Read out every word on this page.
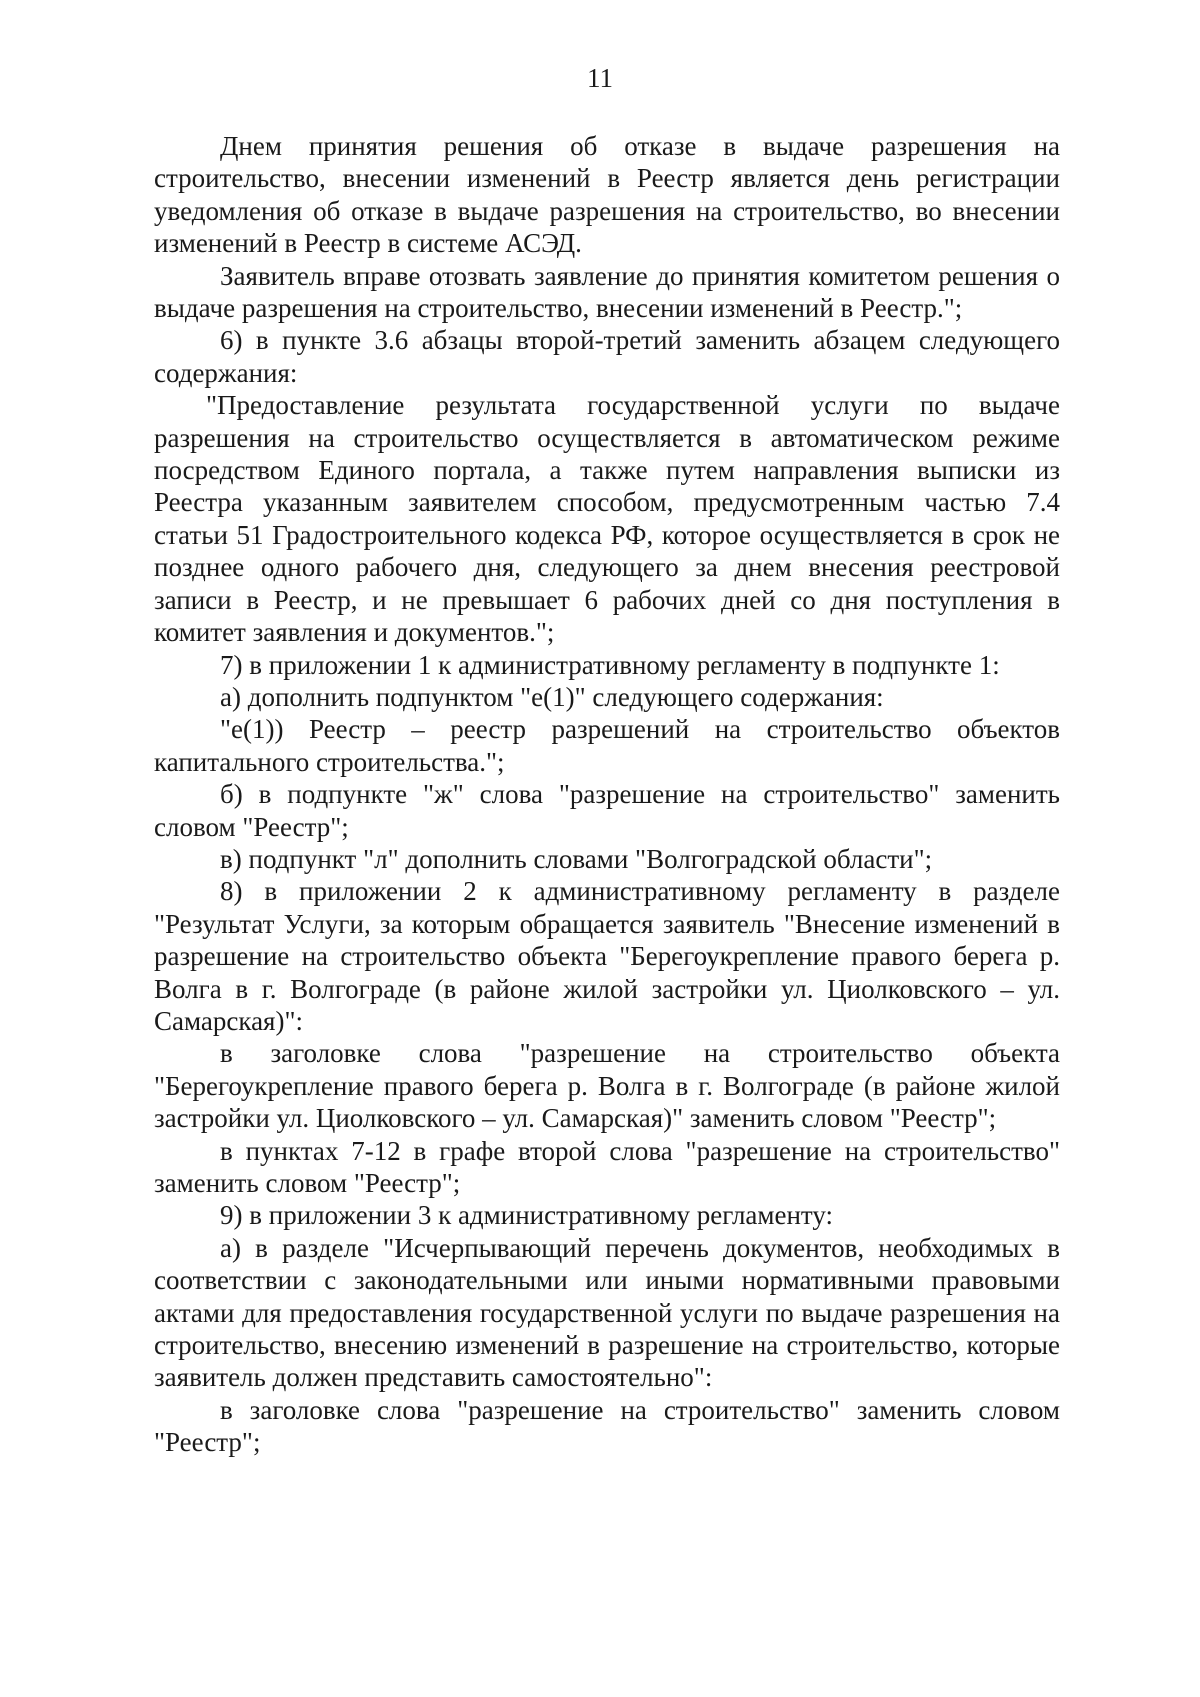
11

Днем принятия решения об отказе в выдаче разрешения на строительство, внесении изменений в Реестр является день регистрации уведомления об отказе в выдаче разрешения на строительство, во внесении изменений в Реестр в системе АСЭД.

Заявитель вправе отозвать заявление до принятия комитетом решения о выдаче разрешения на строительство, внесении изменений в Реестр.";

6) в пункте 3.6 абзацы второй-третий заменить абзацем следующего содержания:

"Предоставление результата государственной услуги по выдаче разрешения на строительство осуществляется в автоматическом режиме посредством Единого портала, а также путем направления выписки из Реестра указанным заявителем способом, предусмотренным частью 7.4 статьи 51 Градостроительного кодекса РФ, которое осуществляется в срок не позднее одного рабочего дня, следующего за днем внесения реестровой записи в Реестр, и не превышает 6 рабочих дней со дня поступления в комитет заявления и документов.";

7) в приложении 1 к административному регламенту в подпункте 1:

а) дополнить подпунктом "е(1)" следующего содержания:

"е(1)) Реестр – реестр разрешений на строительство объектов капитального строительства.";

б) в подпункте "ж" слова "разрешение на строительство" заменить словом "Реестр";

в) подпункт "л" дополнить словами "Волгоградской области";

8) в приложении 2 к административному регламенту в разделе "Результат Услуги, за которым обращается заявитель "Внесение изменений в разрешение на строительство объекта "Берегоукрепление правого берега р. Волга в г. Волгограде (в районе жилой застройки ул. Циолковского – ул. Самарская)":

в заголовке слова "разрешение на строительство объекта "Берегоукрепление правого берега р. Волга в г. Волгограде (в районе жилой застройки ул. Циолковского – ул. Самарская)" заменить словом "Реестр";

в пунктах 7-12 в графе второй слова "разрешение на строительство" заменить словом "Реестр";

9) в приложении 3 к административному регламенту:

а) в разделе "Исчерпывающий перечень документов, необходимых в соответствии с законодательными или иными нормативными правовыми актами для предоставления государственной услуги по выдаче разрешения на строительство, внесению изменений в разрешение на строительство, которые заявитель должен представить самостоятельно":

в заголовке слова "разрешение на строительство" заменить словом "Реестр";
